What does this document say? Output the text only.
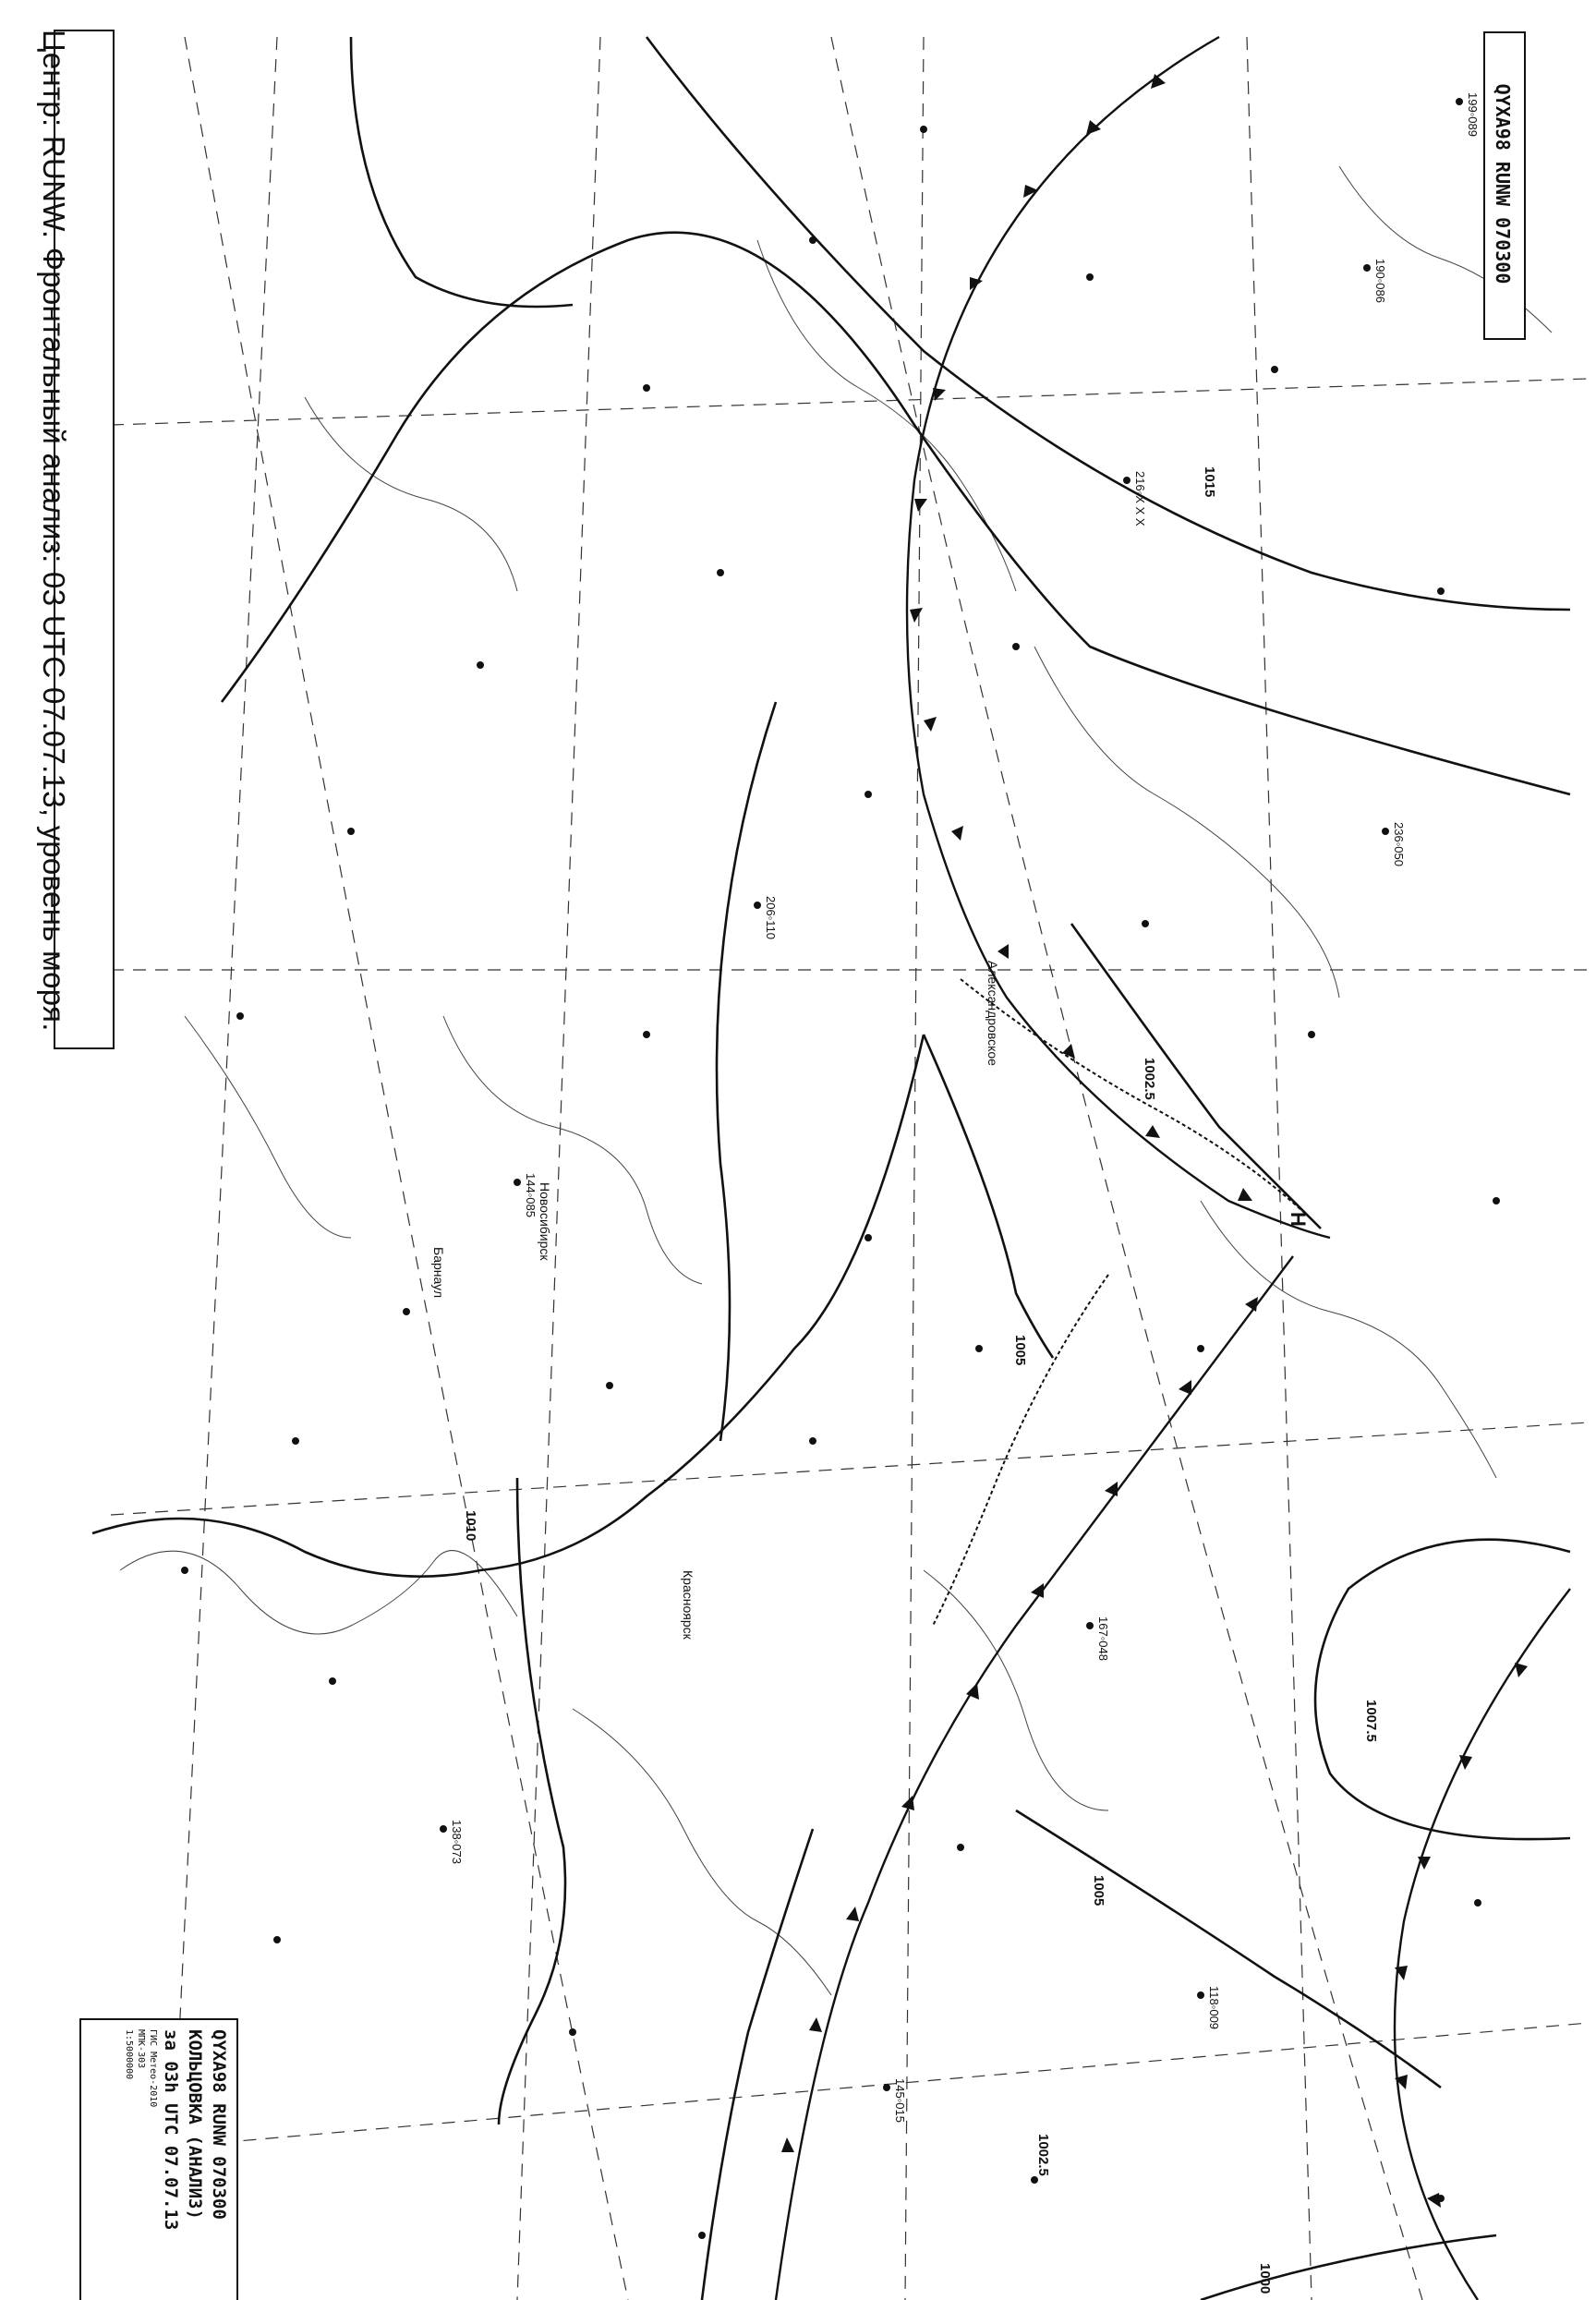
199◦089
190◦086
216◦X X X
206◦110
144◦085
236◦050
167◦048
145◦015
138◦073
118◦009
1015
1002.5
1005
1010
1007.5
1005
1002.5
1000
Александровское
Новосибирск
Красноярск
Барнаул
Н
Центр: RUNW. Фронтальный анализ: 03 UTC 07.07.13, уровень моря.	QYXA98 RUNW 070300
QYXA98 RUNW 070300
КОЛЬЦОВКА (АНАЛИЗ)
за 03h UTC 07.07.13
ГИС Метео-2010
МПК-303
1:5000000
